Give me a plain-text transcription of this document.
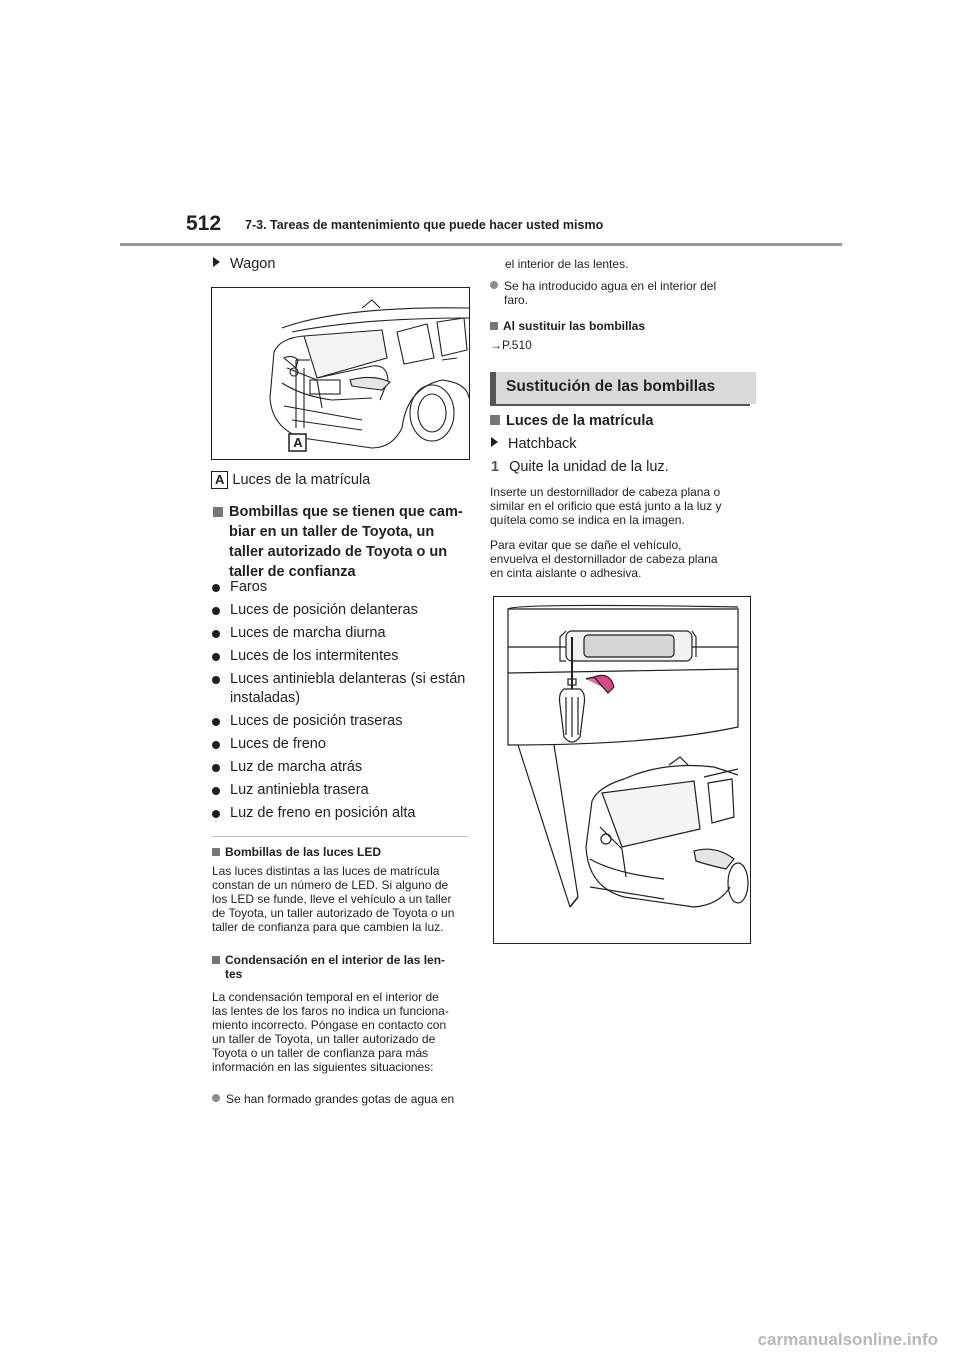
512 7-3. Tareas de mantenimiento que puede hacer usted mismo
Wagon
A
A Luces de la matrícula
Bombillas que se tienen que cam-
biar en un taller de Toyota, un
taller autorizado de Toyota o un
taller de confianza
Faros
Luces de posición delanteras
Luces de marcha diurna
Luces de los intermitentes
Luces antiniebla delanteras (si están
instaladas)
Luces de posición traseras
Luces de freno
Luz de marcha atrás
Luz antiniebla trasera
Luz de freno en posición alta
Bombillas de las luces LED
Las luces distintas a las luces de matrícula
constan de un número de LED. Si alguno de
los LED se funde, lleve el vehículo a un taller
de Toyota, un taller autorizado de Toyota o un
taller de confianza para que cambien la luz.
Condensación en el interior de las len-
tes
La condensación temporal en el interior de
las lentes de los faros no indica un funciona-
miento incorrecto. Póngase en contacto con
un taller de Toyota, un taller autorizado de
Toyota o un taller de confianza para más
información en las siguientes situaciones:
Se han formado grandes gotas de agua en
el interior de las lentes.
Se ha introducido agua en el interior del
faro.
Al sustituir las bombillas
→P.510
Sustitución de las bombillas
Luces de la matrícula
Hatchback
1 Quite la unidad de la luz.
Inserte un destornillador de cabeza plana o
similar en el orificio que está junto a la luz y
quítela como se indica en la imagen.
Para evitar que se dañe el vehículo,
envuelva el destornillador de cabeza plana
en cinta aislante o adhesiva.
carmanualsonline.info
